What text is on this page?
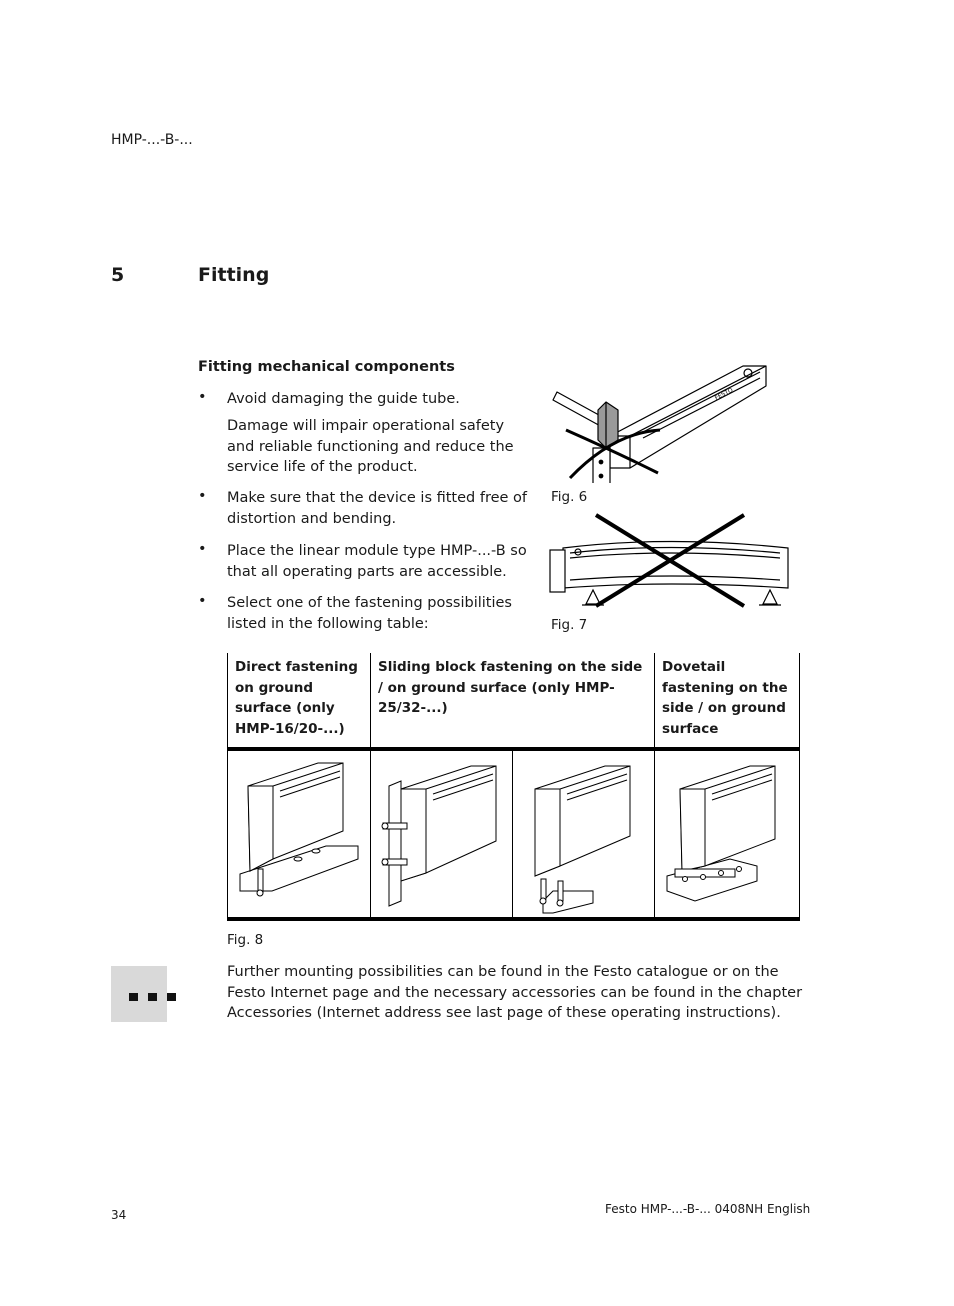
HMP-...-B-...
5	Fitting
Fitting mechanical components
• Avoid damaging the guide tube.
Damage will impair operational safety and reliable functioning and reduce the service life of the product.
• Make sure that the device is fitted free of distortion and bending.
• Place the linear module type HMP-...-B so that all operating parts are accessible.
• Select one of the fastening possibilities listed in the following table:
FESTO
Fig. 6
Fig. 7
Direct fastening on ground surface (only HMP-16/20-...)	Sliding block fastening on the side / on ground surface (only HMP-25/32-...)		Dovetail fastening on the side / on ground surface

Fig. 8
Further mounting possibilities can be found in the Festo catalogue or on the Festo Internet page and the necessary accessories can be found in the chapter Accessories (Internet address see last page of these operating instructions).
34	Festo HMP-...-B-... 0408NH English
